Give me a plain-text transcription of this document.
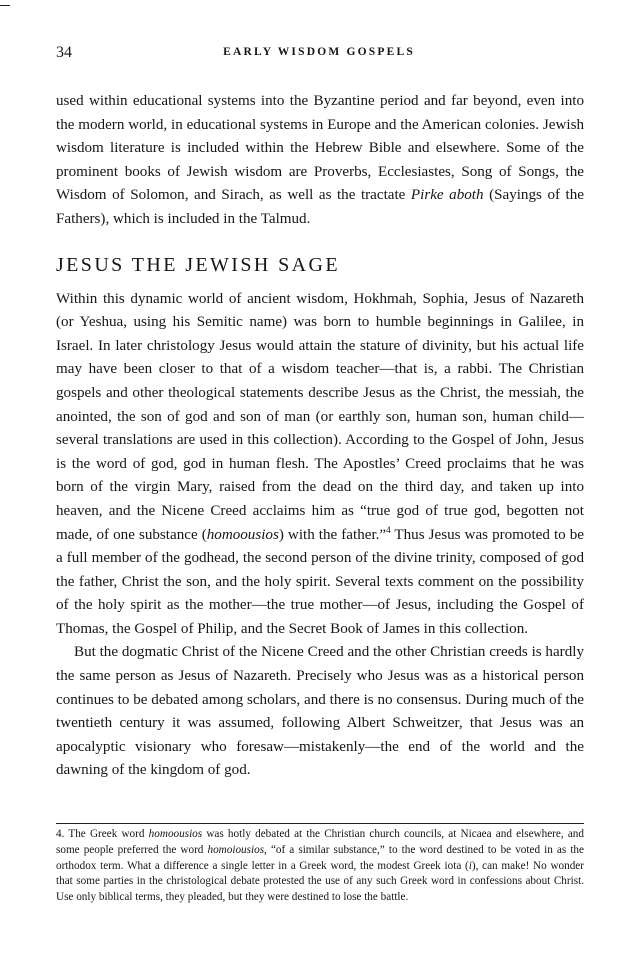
34	EARLY WISDOM GOSPELS

used within educational systems into the Byzantine period and far beyond, even into the modern world, in educational systems in Europe and the American colonies. Jewish wisdom literature is included within the Hebrew Bible and elsewhere. Some of the prominent books of Jewish wisdom are Proverbs, Ecclesiastes, Song of Songs, the Wisdom of Solomon, and Sirach, as well as the tractate Pirke aboth (Sayings of the Fathers), which is included in the Talmud.

JESUS THE JEWISH SAGE

Within this dynamic world of ancient wisdom, Hokhmah, Sophia, Jesus of Nazareth (or Yeshua, using his Semitic name) was born to humble beginnings in Galilee, in Israel. In later christology Jesus would attain the stature of divinity, but his actual life may have been closer to that of a wisdom teacher—that is, a rabbi. The Christian gospels and other theological statements describe Jesus as the Christ, the messiah, the anointed, the son of god and son of man (or earthly son, human son, human child—several translations are used in this collection). According to the Gospel of John, Jesus is the word of god, god in human flesh. The Apostles’ Creed proclaims that he was born of the virgin Mary, raised from the dead on the third day, and taken up into heaven, and the Nicene Creed acclaims him as “true god of true god, begotten not made, of one substance (homoousios) with the father.”$^4$ Thus Jesus was promoted to be a full member of the godhead, the second person of the divine trinity, composed of god the father, Christ the son, and the holy spirit. Several texts comment on the possibility of the holy spirit as the mother—the true mother—of Jesus, including the Gospel of Thomas, the Gospel of Philip, and the Secret Book of James in this collection.

But the dogmatic Christ of the Nicene Creed and the other Christian creeds is hardly the same person as Jesus of Nazareth. Precisely who Jesus was as a historical person continues to be debated among scholars, and there is no consensus. During much of the twentieth century it was assumed, following Albert Schweitzer, that Jesus was an apocalyptic visionary who foresaw—mistakenly—the end of the world and the dawning of the kingdom of god.

4. The Greek word homoousios was hotly debated at the Christian church councils, at Nicaea and elsewhere, and some people preferred the word homoiousios, “of a similar substance,” to the word destined to be voted in as the orthodox term. What a difference a single letter in a Greek word, the modest Greek iota (i), can make! No wonder that some parties in the christological debate protested the use of any such Greek word in confessions about Christ. Use only biblical terms, they pleaded, but they were destined to lose the battle.
